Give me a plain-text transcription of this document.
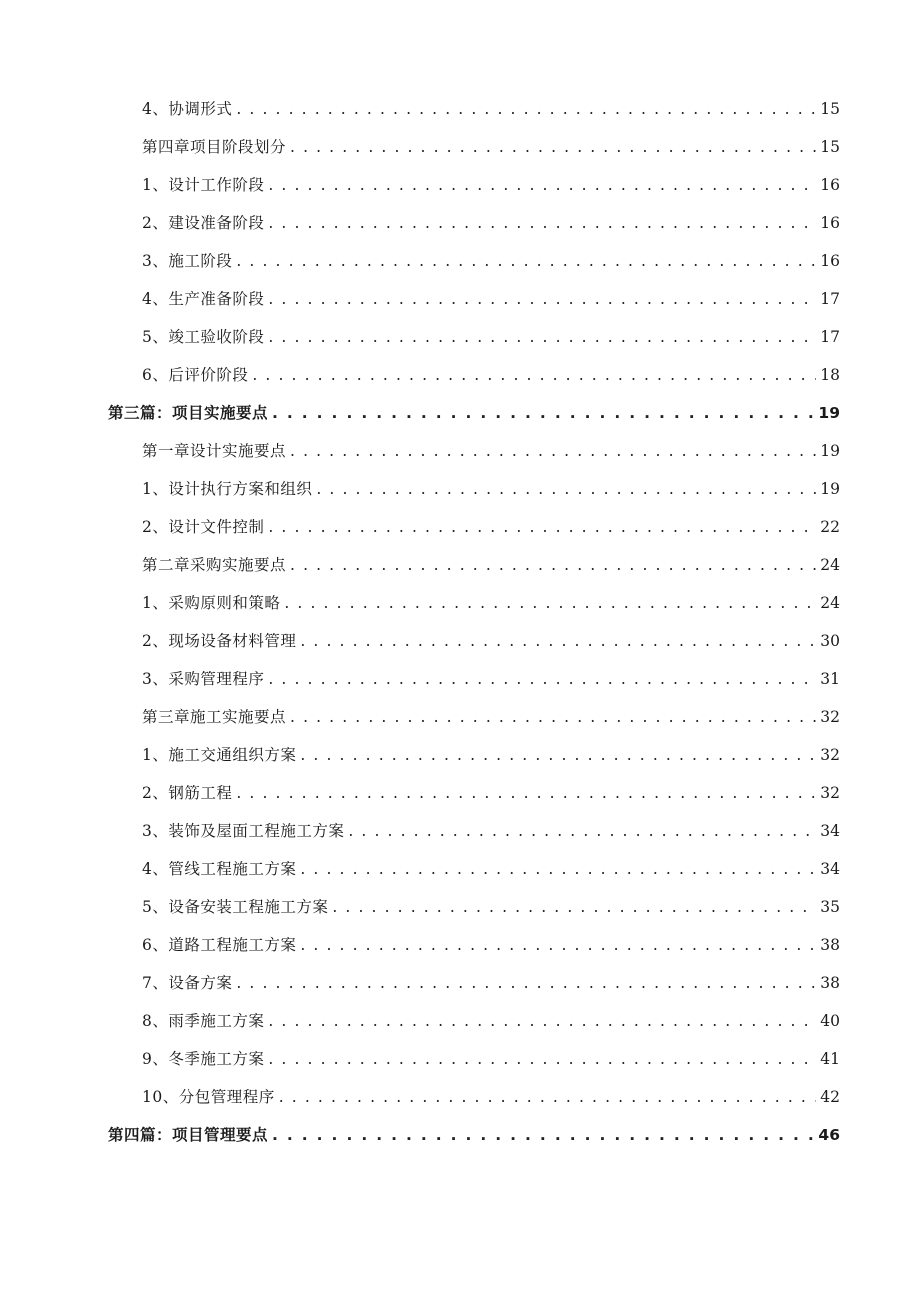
4、协调形式 . . .	15
第四章项目阶段划分 . . .	15
1、设计工作阶段 . . .	16
2、建设准备阶段 . . .	16
3、施工阶段 . . .	16
4、生产准备阶段 . . .	17
5、竣工验收阶段 . . .	17
6、后评价阶段 . . .	18
第三篇：项目实施要点 . . .	19
第一章设计实施要点 . . .	19
1、设计执行方案和组织 . . .	19
2、设计文件控制 . . .	22
第二章采购实施要点 . . .	24
1、采购原则和策略 . . .	24
2、现场设备材料管理 . . .	30
3、采购管理程序 . . .	31
第三章施工实施要点 . . .	32
1、施工交通组织方案 . . .	32
2、钢筋工程 . . .	32
3、装饰及屋面工程施工方案 . . .	34
4、管线工程施工方案 . . .	34
5、设备安装工程施工方案 . . .	35
6、道路工程施工方案 . . .	38
7、设备方案 . . .	38
8、雨季施工方案 . . .	40
9、冬季施工方案 . . .	41
10、分包管理程序 . . .	42
第四篇：项目管理要点 . . .	46
